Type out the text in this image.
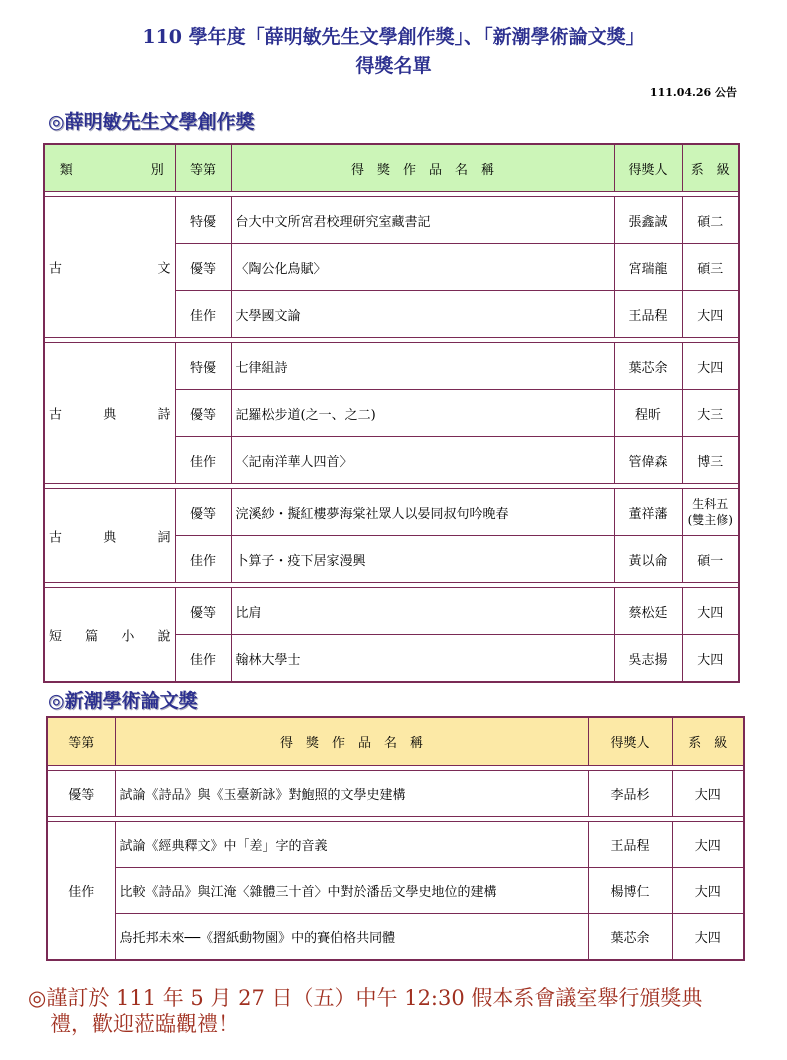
110 學年度「薛明敏先生文學創作獎」、「新潮學術論文獎」
得獎名單
111.04.26 公告
◎薛明敏先生文學創作獎
類　　　　　　別	等第	得　獎　作　品　名　稱	得獎人	系　級

古文	特優	台大中文所宮君校理研究室藏書記	張鑫誠	碩二
	優等	〈陶公化鳥賦〉	宮瑞龍	碩三
	佳作	大學國文論	王品程	大四

古典詩	特優	七律組詩	葉芯余	大四
	優等	記羅松步道(之一、之二)	程昕	大三
	佳作	〈記南洋華人四首〉	管偉森	博三

古典詞	優等	浣溪紗・擬紅樓夢海棠社眾人以晏同叔句吟晚春	董祥藩	生科五
(雙主修)
	佳作	卜算子・疫下居家漫興	黃以侖	碩一

短篇小說	優等	比肩	蔡松廷	大四
	佳作	翰林大學士	吳志揚	大四
◎新潮學術論文獎
等第	得　獎　作　品　名　稱	得獎人	系　級

優等	試論《詩品》與《玉臺新詠》對鮑照的文學史建構	李品杉	大四

佳作	試論《經典釋文》中「差」字的音義	王品程	大四
	比較《詩品》與江淹〈雜體三十首〉中對於潘岳文學史地位的建構	楊博仁	大四
	烏托邦未來──《摺紙動物園》中的賽伯格共同體	葉芯余	大四
◎謹訂於 111 年 5 月 27 日（五）中午 12:30 假本系會議室舉行頒獎典
禮，歡迎蒞臨觀禮！
